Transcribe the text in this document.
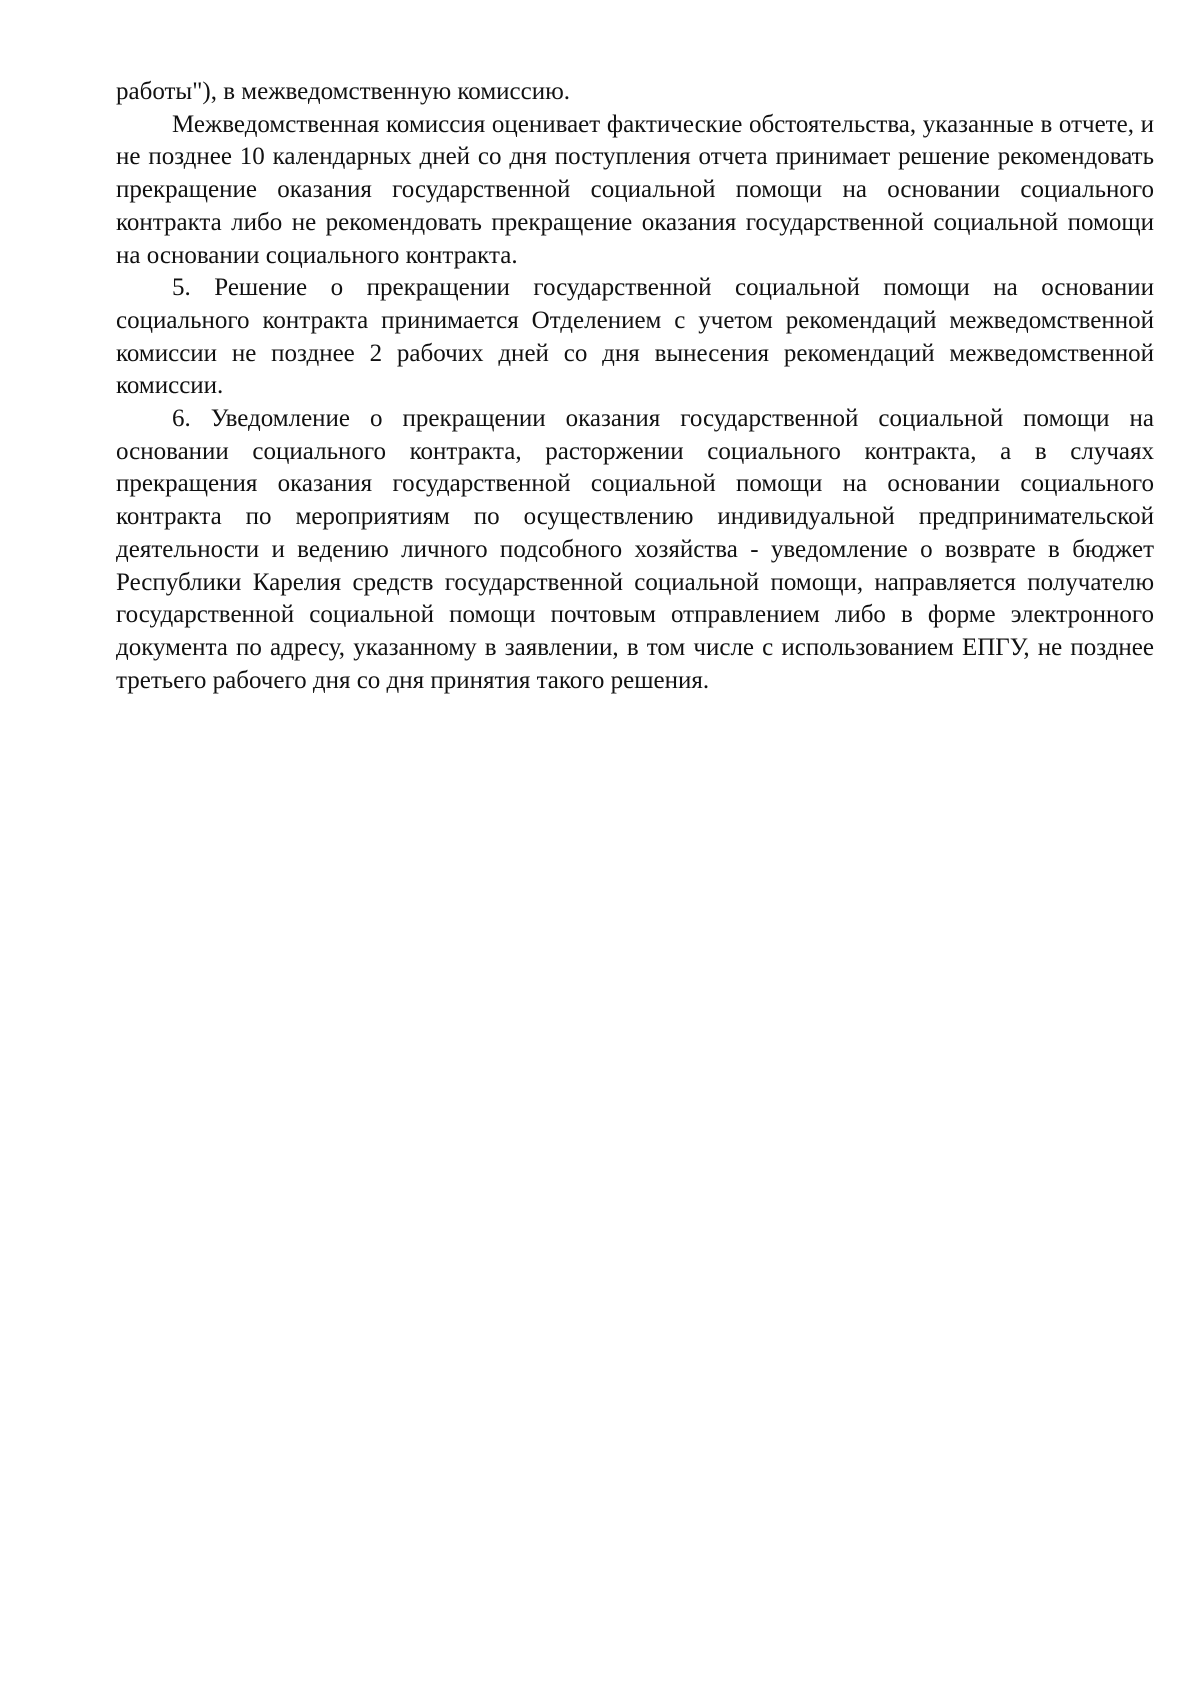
работы"), в межведомственную комиссию.

Межведомственная комиссия оценивает фактические обстоятельства, указанные в отчете, и не позднее 10 календарных дней со дня поступления отчета принимает решение рекомендовать прекращение оказания государственной социальной помощи на основании социального контракта либо не рекомендовать прекращение оказания государственной социальной помощи на основании социального контракта.

5. Решение о прекращении государственной социальной помощи на основании социального контракта принимается Отделением с учетом рекомендаций межведомственной комиссии не позднее 2 рабочих дней со дня вынесения рекомендаций межведомственной комиссии.

6. Уведомление о прекращении оказания государственной социальной помощи на основании социального контракта, расторжении социального контракта, а в случаях прекращения оказания государственной социальной помощи на основании социального контракта по мероприятиям по осуществлению индивидуальной предпринимательской деятельности и ведению личного подсобного хозяйства - уведомление о возврате в бюджет Республики Карелия средств государственной социальной помощи, направляется получателю государственной социальной помощи почтовым отправлением либо в форме электронного документа по адресу, указанному в заявлении, в том числе с использованием ЕПГУ, не позднее третьего рабочего дня со дня принятия такого решения.
